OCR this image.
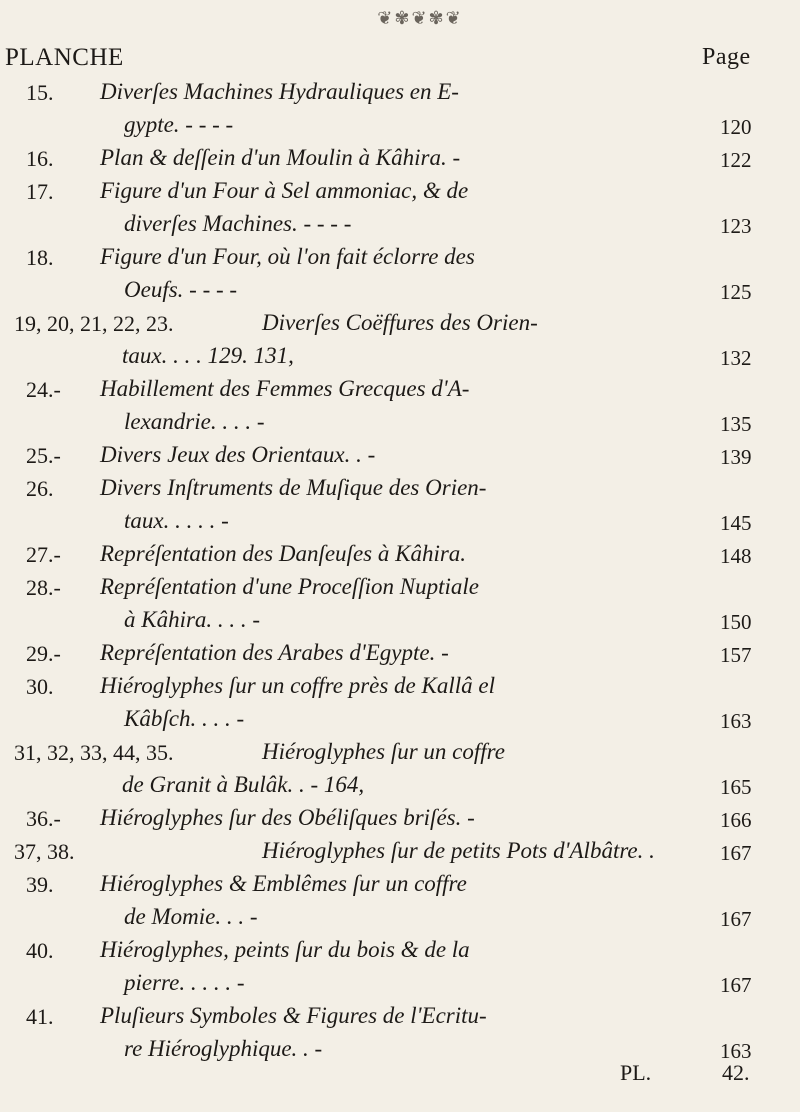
❦✾❦✾❦
PLANCHE	Page
15. Diverſes Machines Hydrauliques en E-
gypte. - - - -	120
16. Plan & deſſein d'un Moulin à Kâhira. -	122
17. Figure d'un Four à Sel ammoniac, & de
diverſes Machines. - - - -	123
18. Figure d'un Four, où l'on fait éclorre des
Oeufs. - - - -	125
19, 20, 21, 22, 23.	Diverſes Coëffures des Orien-
taux. . . . 129. 131,	132
24.- Habillement des Femmes Grecques d'A-
lexandrie. . . . -	135
25.- Divers Jeux des Orientaux. . -	139
26. Divers Inſtruments de Muſique des Orien-
taux. . . . . -	145
27.- Repréſentation des Danſeuſes à Kâhira.	148
28.- Repréſentation d'une Proceſſion Nuptiale
à Kâhira. . . . -	150
29.- Repréſentation des Arabes d'Egypte. -	157
30. Hiéroglyphes ſur un coffre près de Kallâ el
Kâbſch. . . . -	163
31, 32, 33, 44, 35.	Hiéroglyphes ſur un coffre
de Granit à Bulâk. . - 164,	165
36.- Hiéroglyphes ſur des Obéliſques briſés. -	166
37, 38.	Hiéroglyphes ſur de petits Pots d'Albâtre. .	167
39. Hiéroglyphes & Emblêmes ſur un coffre
de Momie. . . -	167
40. Hiéroglyphes, peints ſur du bois & de la
pierre. . . . . -	167
41. Pluſieurs Symboles & Figures de l'Ecritu-
re Hiéroglyphique. . -	163
PL.	42.
